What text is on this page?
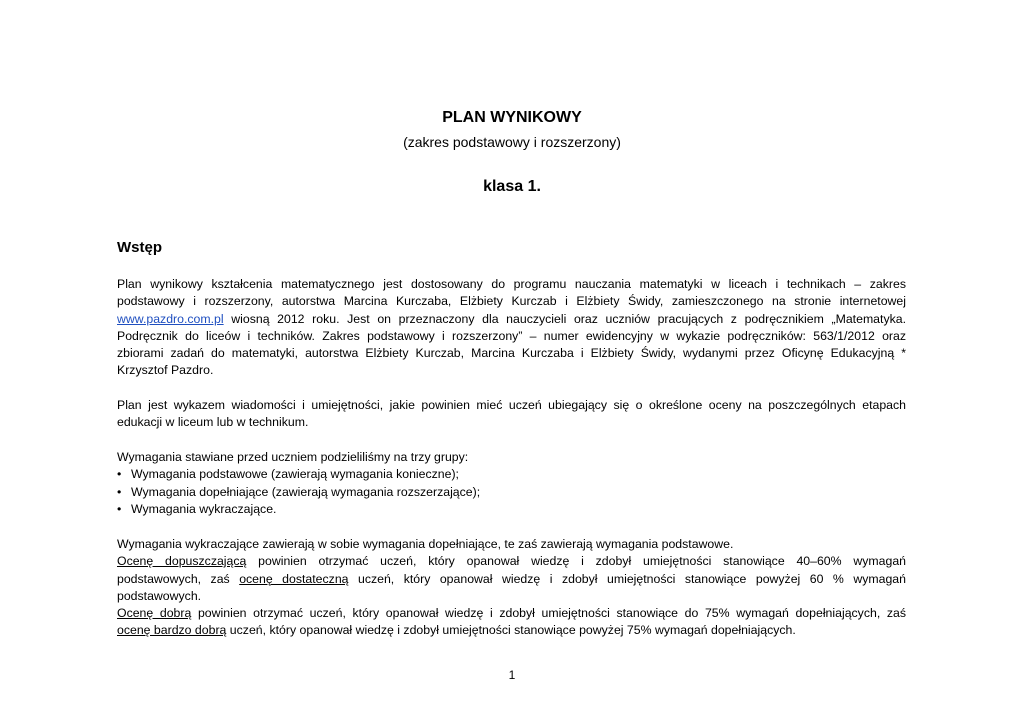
PLAN WYNIKOWY
(zakres podstawowy i rozszerzony)
klasa 1.
Wstęp
Plan wynikowy kształcenia matematycznego jest dostosowany do programu nauczania matematyki w liceach i technikach – zakres
podstawowy i rozszerzony, autorstwa Marcina Kurczaba, Elżbiety Kurczab i Elżbiety Świdy, zamieszczonego na stronie internetowej
www.pazdro.com.pl wiosną 2012 roku. Jest on przeznaczony dla nauczycieli oraz uczniów pracujących z podręcznikiem „Matematyka.
Podręcznik do liceów i techników. Zakres podstawowy i rozszerzony” – numer ewidencyjny w wykazie podręczników: 563/1/2012 oraz
zbiorami zadań do matematyki, autorstwa Elżbiety Kurczab, Marcina Kurczaba i Elżbiety Świdy, wydanymi przez Oficynę Edukacyjną *
Krzysztof Pazdro.
Plan jest wykazem wiadomości i umiejętności, jakie powinien mieć uczeń ubiegający się o określone oceny na poszczególnych etapach
edukacji w liceum lub w technikum.
Wymagania stawiane przed uczniem podzieliliśmy na trzy grupy:
• Wymagania podstawowe (zawierają wymagania konieczne);
• Wymagania dopełniające (zawierają wymagania rozszerzające);
• Wymagania wykraczające.
Wymagania wykraczające zawierają w sobie wymagania dopełniające, te zaś zawierają wymagania podstawowe.
Ocenę dopuszczającą powinien otrzymać uczeń, który opanował wiedzę i zdobył umiejętności stanowiące 40–60% wymagań
podstawowych, zaś ocenę dostateczną uczeń, który opanował wiedzę i zdobył umiejętności stanowiące powyżej 60 % wymagań
podstawowych.
Ocenę dobrą powinien otrzymać uczeń, który opanował wiedzę i zdobył umiejętności stanowiące do 75% wymagań dopełniających, zaś
ocenę bardzo dobrą uczeń, który opanował wiedzę i zdobył umiejętności stanowiące powyżej 75% wymagań dopełniających.
1
